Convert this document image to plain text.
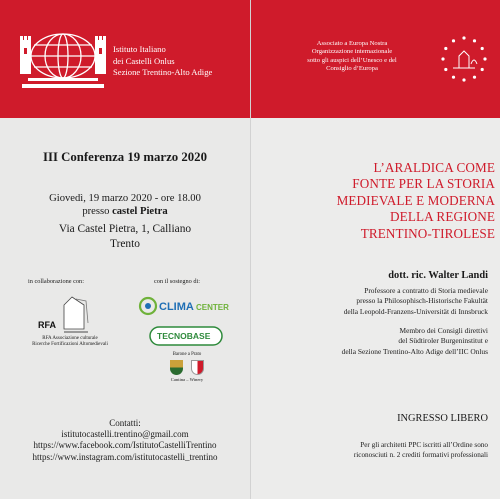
Istituto Italiano
dei Castelli Onlus
Sezione Trentino-Alto Adige
III Conferenza 19 marzo 2020
Giovedì, 19 marzo 2020 - ore 18.00
presso castel Pietra
Via Castel Pietra, 1, Calliano
Trento
in collaborazione con:	con il sostegno di:
RFA
RFA Associazione culturale
Ricerche Fortificazioni Altomedievali
CLIMA CENTER
TECNOBASE
Barone a Prato
Cantina – Winery
Contatti:
istitutocastelli.trentino@gmail.com
https://www.facebook.com/IstitutoCastelliTrentino
https://www.instagram.com/istitutocastelli_trentino
Associato a Europa Nostra
Organizzazione internazionale
sotto gli auspici dell’Unesco e del
Consiglio d’Europa
L’ARALDICA COME
FONTE PER LA STORIA
MEDIEVALE E MODERNA
DELLA REGIONE
TRENTINO-TIROLESE
dott. ric. Walter Landi
Professore a contratto di Storia medievale
presso la Philosophisch-Historische Fakultät
della Leopold-Franzens-Universität di Innsbruck
Membro dei Consigli direttivi
del Südtiroler Burgeninstitut e
della Sezione Trentino-Alto Adige dell’IIC Onlus
INGRESSO LIBERO
Per gli architetti PPC iscritti all’Ordine sono
riconosciuti n. 2 crediti formativi professionali
